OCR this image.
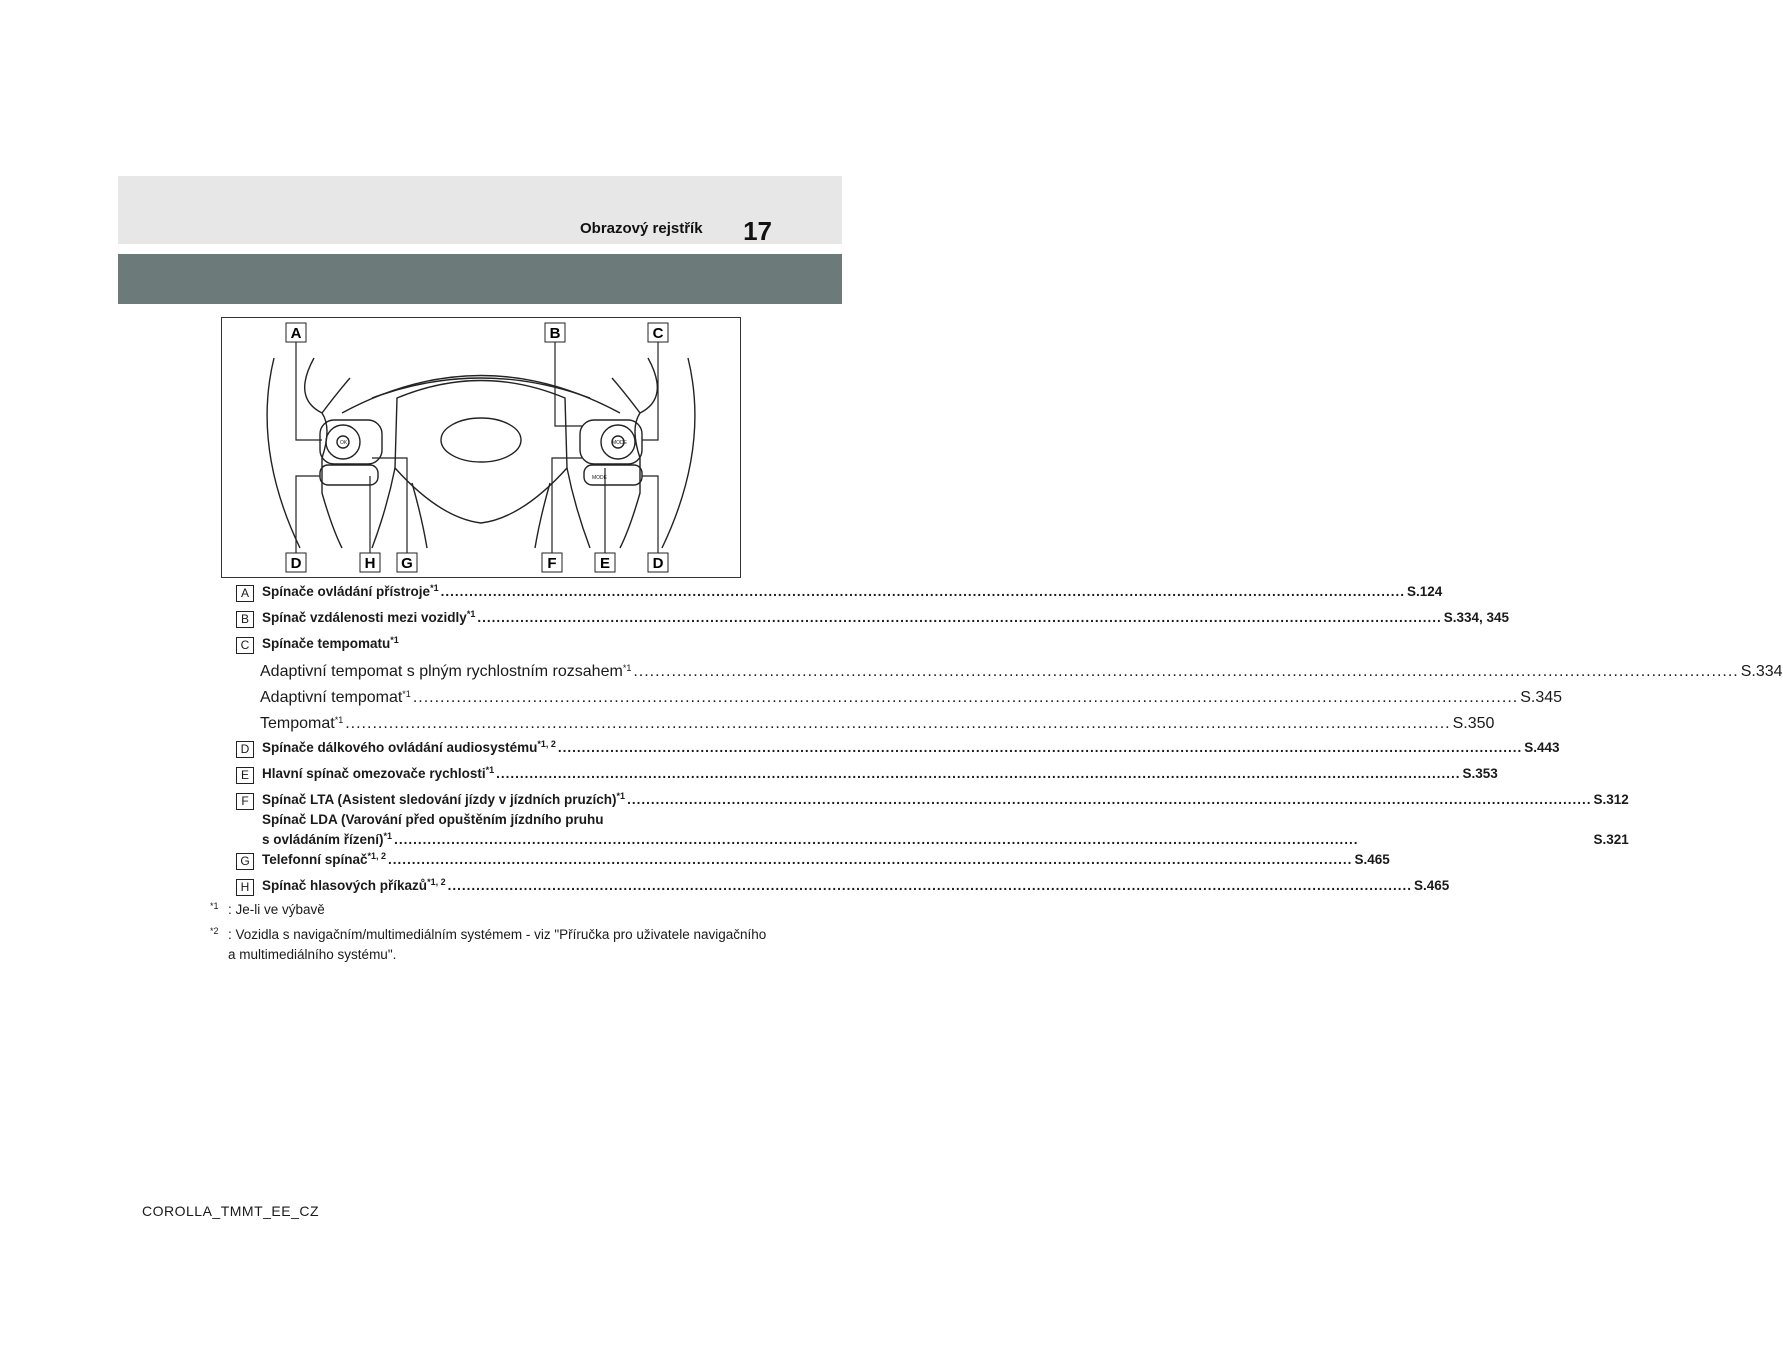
Obrazový rejstřík 17
OK	MODE
MODE
A	B	C
D	H G	F	E	D
A Spínače ovládání přístroje$^{*1}$ .....	S.124
B Spínač vzdálenosti mezi vozidly$^{*1}$ .....	S.334, 345
C Spínače tempomatu$^{*1}$
Adaptivní tempomat s plným rychlostním rozsahem$^{*1}$ .....	S.334
Adaptivní tempomat$^{*1}$ .....	S.345
Tempomat$^{*1}$ .....	S.350
D Spínače dálkového ovládání audiosystému$^{*1, 2}$ .....	S.443
E Hlavní spínač omezovače rychlosti$^{*1}$ .....	S.353
F Spínač LTA (Asistent sledování jízdy v jízdních pruzích)$^{*1}$ .....	S.312
Spínač LDA (Varování před opuštěním jízdního pruhu
s ovládáním řízení)$^{*1}$ .....	S.321
G Telefonní spínač$^{*1, 2}$ .....	S.465
H Spínač hlasových příkazů$^{*1, 2}$ .....	S.465
$^{*1}$ : Je-li ve výbavě
$^{*2}$ : Vozidla s navigačním/multimediálním systémem - viz "Příručka pro uživatele navigačního a multimediálního systému".
COROLLA_TMMT_EE_CZ
